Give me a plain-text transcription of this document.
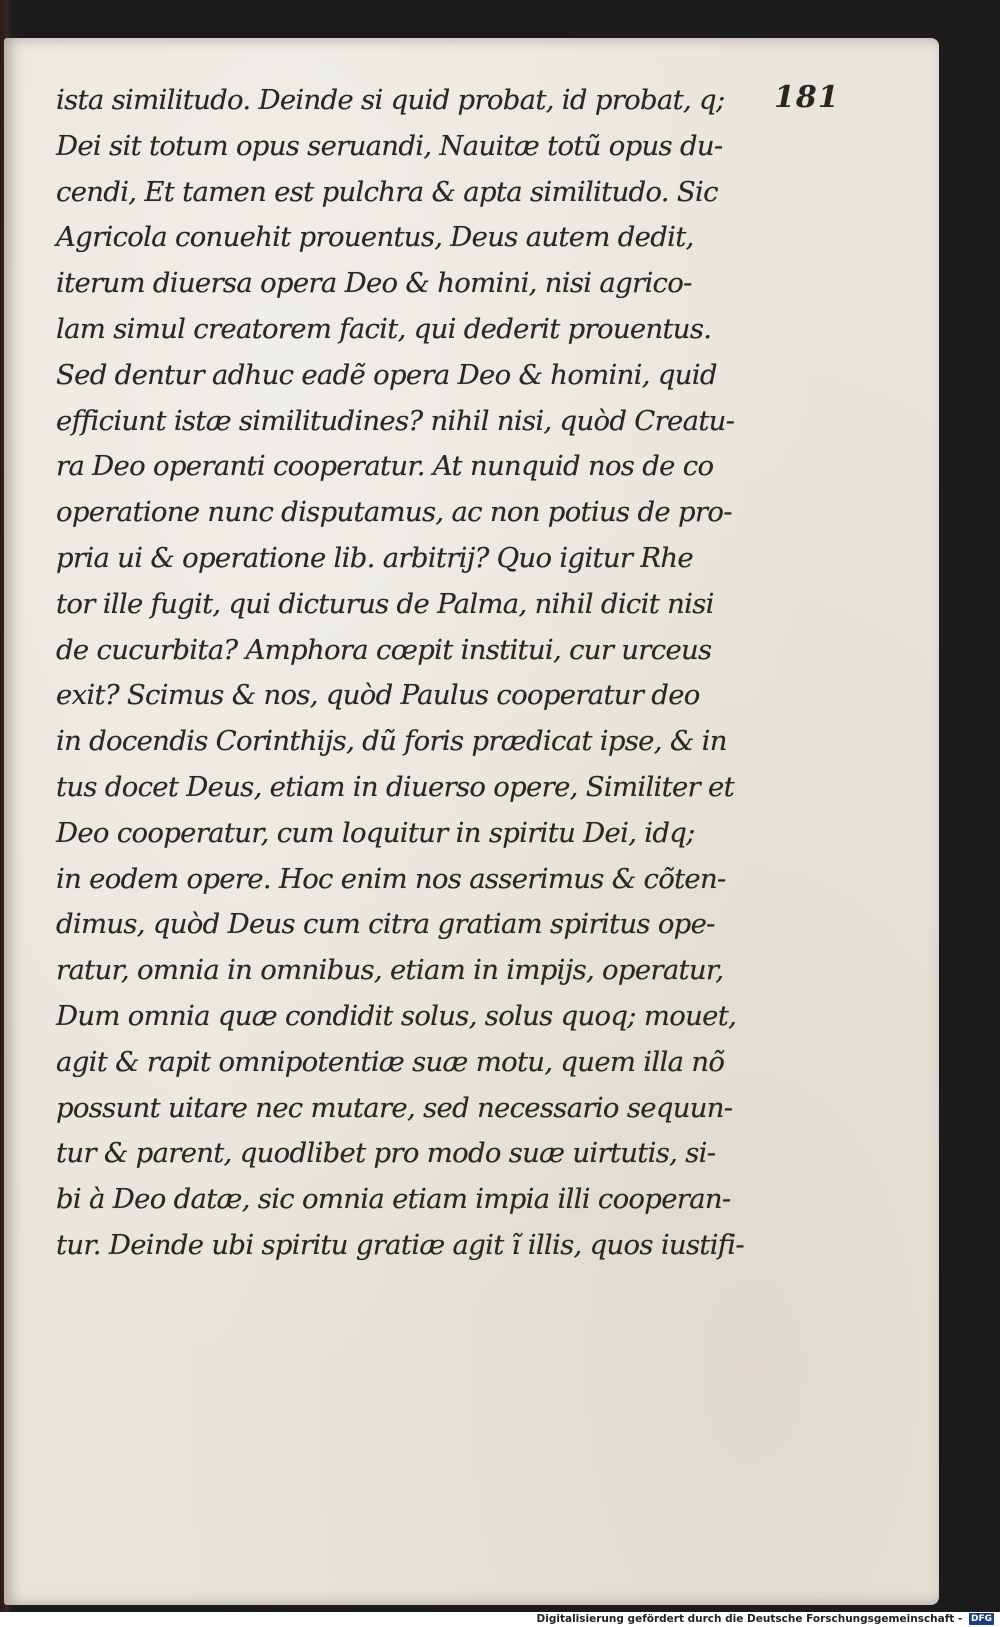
181
ista similitudo. Deinde si quid probat, id probat, q;
Dei sit totum opus seruandi, Nauitæ totũ opus du-
cendi, Et tamen est pulchra & apta similitudo. Sic
Agricola conuehit prouentus, Deus autem dedit,
iterum diuersa opera Deo & homini, nisi agrico-
lam simul creatorem facit, qui dederit prouentus.
Sed dentur adhuc eadẽ opera Deo & homini, quid
efficiunt istæ similitudines? nihil nisi, quòd Creatu-
ra Deo operanti cooperatur. At nunquid nos de co
operatione nunc disputamus, ac non potius de pro-
pria ui & operatione lib. arbitrij? Quo igitur Rhe
tor ille fugit, qui dicturus de Palma, nihil dicit nisi
de cucurbita? Amphora cœpit institui, cur urceus
exit? Scimus & nos, quòd Paulus cooperatur deo
in docendis Corinthijs, dũ foris prædicat ipse, & in
tus docet Deus, etiam in diuerso opere, Similiter et
Deo cooperatur, cum loquitur in spiritu Dei, idq;
in eodem opere. Hoc enim nos asserimus & cõten-
dimus, quòd Deus cum citra gratiam spiritus ope-
ratur, omnia in omnibus, etiam in impijs, operatur,
Dum omnia quæ condidit solus, solus quoq; mouet,
agit & rapit omnipotentiæ suæ motu, quem illa nõ
possunt uitare nec mutare, sed necessario sequun-
tur & parent, quodlibet pro modo suæ uirtutis, si-
bi à Deo datæ, sic omnia etiam impia illi cooperan-
tur. Deinde ubi spiritu gratiæ agit ĩ illis, quos iustifi-
Digitalisierung gefördert durch die Deutsche Forschungsgemeinschaft - DFG
